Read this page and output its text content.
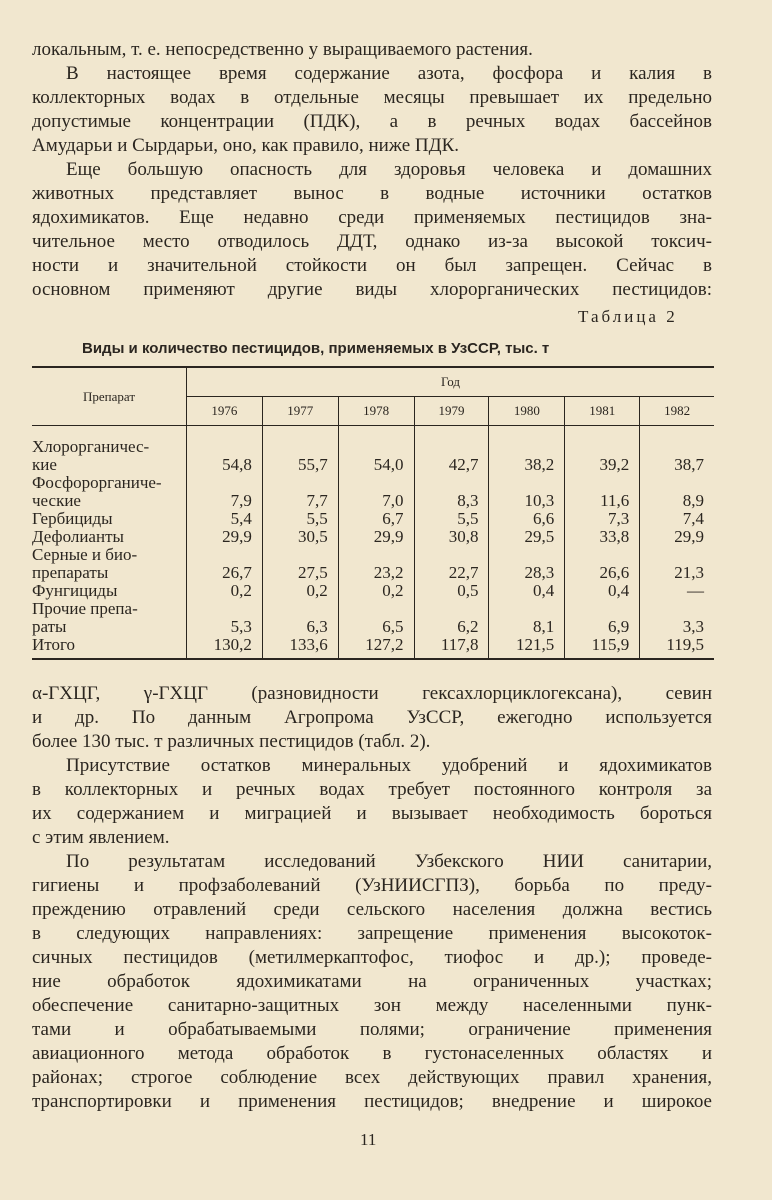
локальным, т. е. непосредственно у выращиваемого растения.
В настоящее время содержание азота, фосфора и калия в
коллекторных водах в отдельные месяцы превышает их предельно
допустимые концентрации (ПДК), а в речных водах бассейнов
Амударьи и Сырдарьи, оно, как правило, ниже ПДК.
Еще большую опасность для здоровья человека и домашних
животных представляет вынос в водные источники остатков
ядохимикатов. Еще недавно среди применяемых пестицидов зна-
чительное место отводилось ДДТ, однако из-за высокой токсич-
ности и значительной стойкости он был запрещен. Сейчас в
основном применяют другие виды хлорорганических пестицидов:
Таблица 2
Виды и количество пестицидов, применяемых в УзССР, тыс. т
Препарат	Год						
	1976	1977	1978	1979	1980	1981	1982

Хлорорганичес-
кие	54,8	55,7	54,0	42,7	38,2	39,2	38,7

Фосфорорганиче-
ческие	7,9	7,7	7,0	8,3	10,3	11,6	8,9

Гербициды	5,4	5,5	6,7	5,5	6,6	7,3	7,4

Дефолианты	29,9	30,5	29,9	30,8	29,5	33,8	29,9

Серные и био-
препараты	26,7	27,5	23,2	22,7	28,3	26,6	21,3

Фунгициды	0,2	0,2	0,2	0,5	0,4	0,4	—

Прочие препа-
раты	5,3	6,3	6,5	6,2	8,1	6,9	3,3

Итого	130,2	133,6	127,2	117,8	121,5	115,9	119,5
α-ГХЦГ, γ-ГХЦГ (разновидности гексахлорциклогексана), севин
и др. По данным Агропрома УзССР, ежегодно используется
более 130 тыс. т различных пестицидов (табл. 2).
Присутствие остатков минеральных удобрений и ядохимикатов
в коллекторных и речных водах требует постоянного контроля за
их содержанием и миграцией и вызывает необходимость бороться
с этим явлением.
По результатам исследований Узбекского НИИ санитарии,
гигиены и профзаболеваний (УзНИИСГПЗ), борьба по преду-
преждению отравлений среди сельского населения должна вестись
в следующих направлениях: запрещение применения высокоток-
сичных пестицидов (метилмеркаптофос, тиофос и др.); проведе-
ние обработок ядохимикатами на ограниченных участках;
обеспечение санитарно-защитных зон между населенными пунк-
тами и обрабатываемыми полями; ограничение применения
авиационного метода обработок в густонаселенных областях и
районах; строгое соблюдение всех действующих правил хранения,
транспортировки и применения пестицидов; внедрение и широкое
11
